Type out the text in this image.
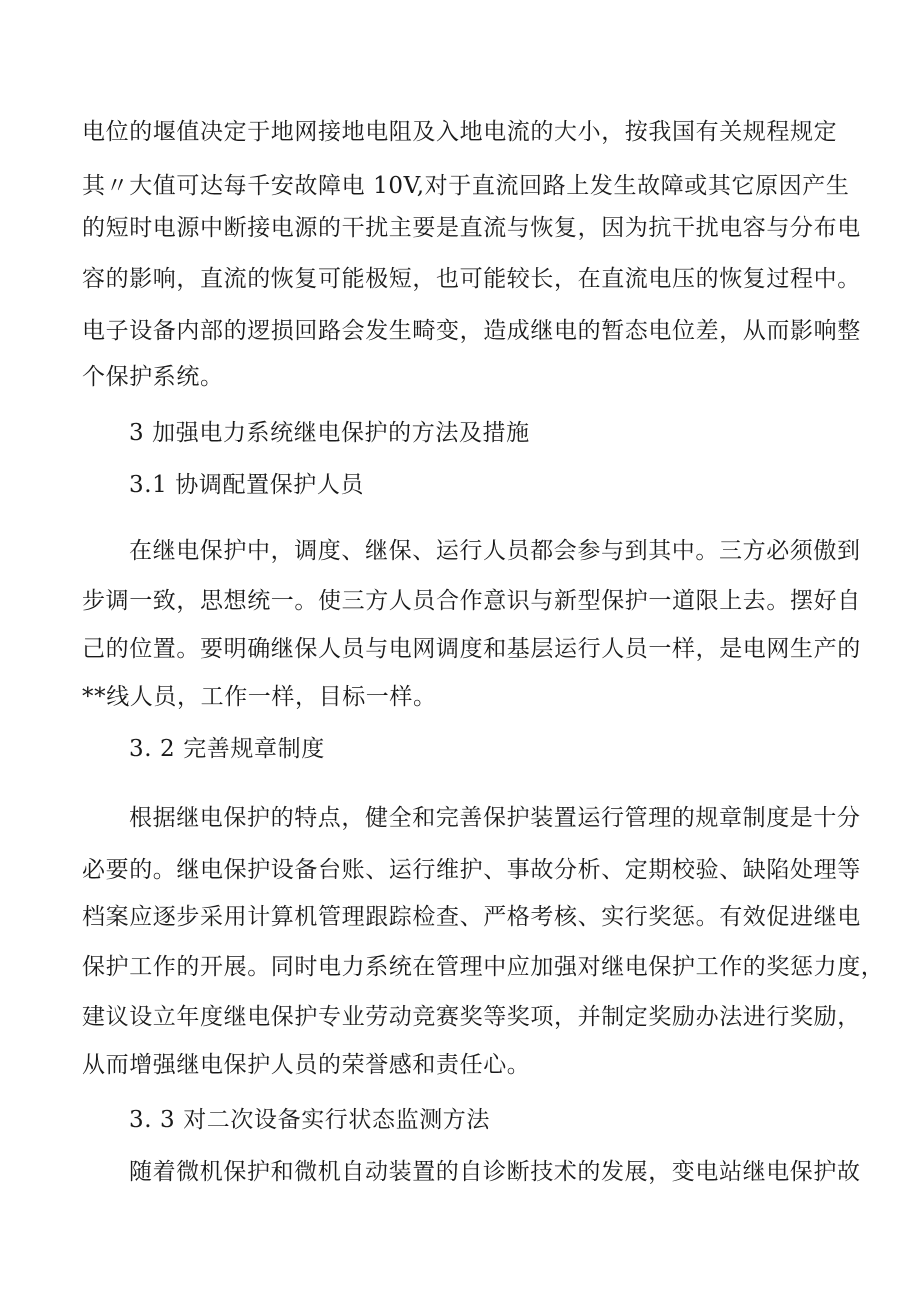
电位的堰值决定于地网接地电阻及入地电流的大小，按我国有关规程规定
其〃大值可达每千安故障电 10V,对于直流回路上发生故障或其它原因产生
的短时电源中断接电源的干扰主要是直流与恢复，因为抗干扰电容与分布电
容的影响，直流的恢复可能极短，也可能较长，在直流电压的恢复过程中。
电子设备内部的逻损回路会发生畸变，造成继电的暂态电位差，从而影响整
个保护系统。
3 加强电力系统继电保护的方法及措施
3.1 协调配置保护人员
在继电保护中，调度、继保、运行人员都会参与到其中。三方必须傲到
步调一致，思想统一。使三方人员合作意识与新型保护一道限上去。摆好自
己的位置。要明确继保人员与电网调度和基层运行人员一样，是电网生产的
**线人员，工作一样，目标一样。
3. 2 完善规章制度
根据继电保护的特点，健全和完善保护装置运行管理的规章制度是十分
必要的。继电保护设备台账、运行维护、事故分析、定期校验、缺陷处理等
档案应逐步采用计算机管理跟踪检查、严格考核、实行奖惩。有效促进继电
保护工作的开展。同时电力系统在管理中应加强对继电保护工作的奖惩力度，
建议设立年度继电保护专业劳动竞赛奖等奖项，并制定奖励办法进行奖励，
从而增强继电保护人员的荣誉感和责任心。
3. 3 对二次设备实行状态监测方法
随着微机保护和微机自动装置的自诊断技术的发展，变电站继电保护故
